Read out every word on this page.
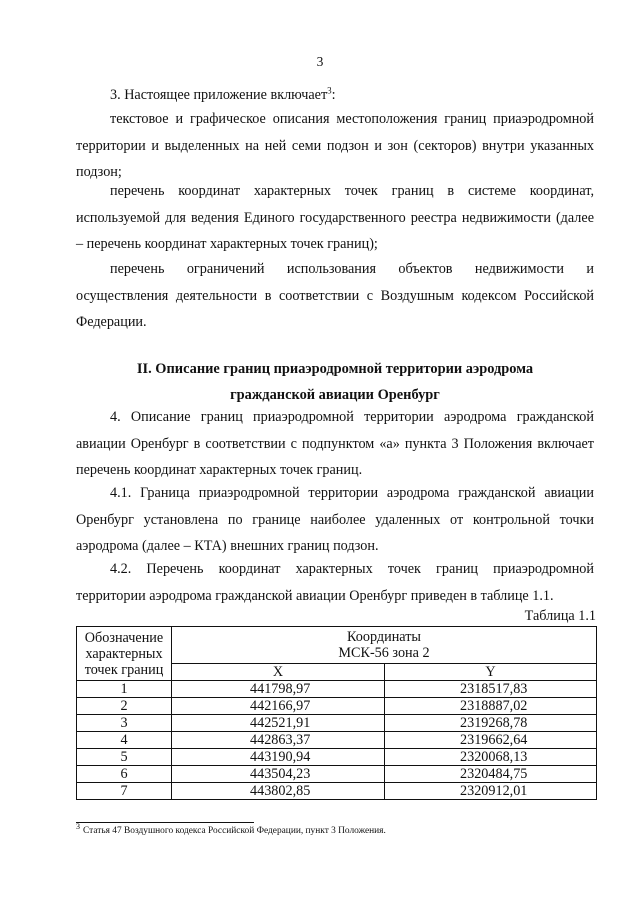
3
3. Настоящее приложение включает$^3$:
текстовое и графическое описания местоположения границ приаэродромной территории и выделенных на ней семи подзон и зон (секторов) внутри указанных подзон;
перечень координат характерных точек границ в системе координат, используемой для ведения Единого государственного реестра недвижимости (далее – перечень координат характерных точек границ);
перечень ограничений использования объектов недвижимости и осуществления деятельности в соответствии с Воздушным кодексом Российской Федерации.
II. Описание границ приаэродромной территории аэродрома
гражданской авиации Оренбург
4. Описание границ приаэродромной территории аэродрома гражданской авиации Оренбург в соответствии с подпунктом «а» пункта 3 Положения включает перечень координат характерных точек границ.
4.1. Граница приаэродромной территории аэродрома гражданской авиации Оренбург установлена по границе наиболее удаленных от контрольной точки аэродрома (далее – КТА) внешних границ подзон.
4.2. Перечень координат характерных точек границ приаэродромной территории аэродрома гражданской авиации Оренбург приведен в таблице 1.1.
Таблица 1.1
Обозначение характерных точек границ	Координаты
МСК-56 зона 2	

	X	Y
1	441798,97	2318517,83
2	442166,97	2318887,02
3	442521,91	2319268,78
4	442863,37	2319662,64
5	443190,94	2320068,13
6	443504,23	2320484,75
7	443802,85	2320912,01
3 Статья 47 Воздушного кодекса Российской Федерации, пункт 3 Положения.
